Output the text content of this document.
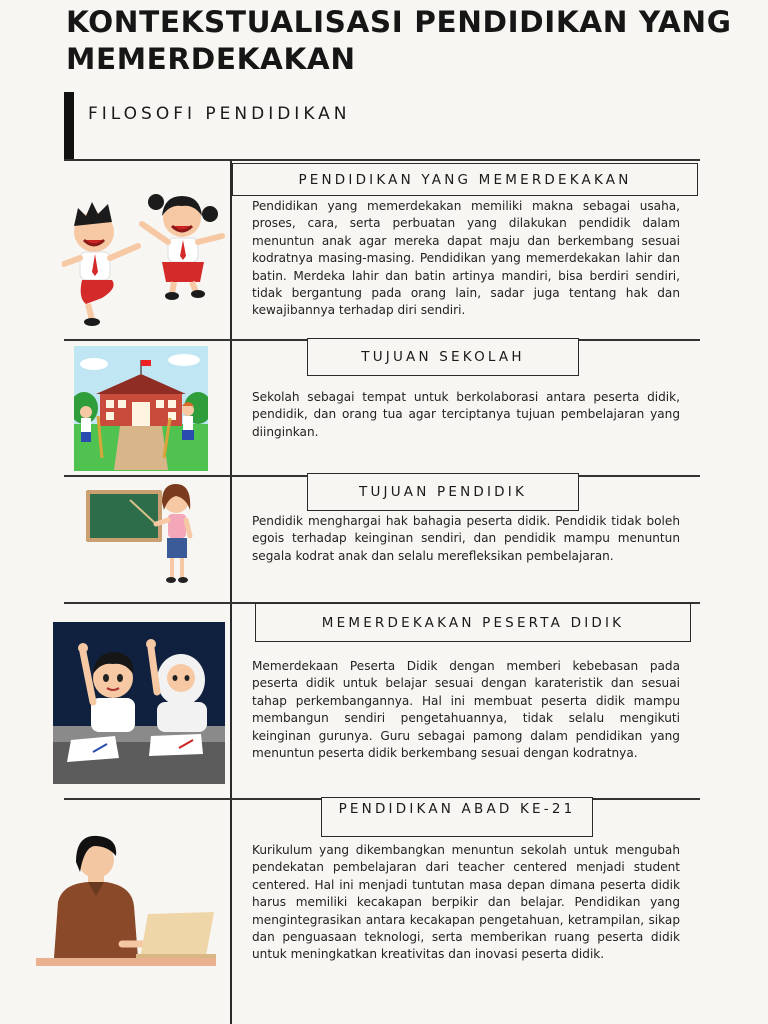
KONTEKSTUALISASI PENDIDIKAN YANG MEMERDEKAKAN
FILOSOFI PENDIDIKAN
PENDIDIKAN YANG MEMERDEKAKAN
Pendidikan yang memerdekakan memiliki makna sebagai usaha, proses, cara, serta perbuatan yang dilakukan pendidik dalam menuntun anak agar mereka dapat maju dan berkembang sesuai kodratnya masing-masing. Pendidikan yang memerdekakan lahir dan batin. Merdeka lahir dan batin artinya mandiri, bisa berdiri sendiri, tidak bergantung pada orang lain, sadar juga tentang hak dan kewajibannya terhadap diri sendiri.
TUJUAN SEKOLAH
Sekolah sebagai tempat untuk berkolaborasi antara peserta didik, pendidik, dan orang tua agar terciptanya tujuan pembelajaran yang diinginkan.
TUJUAN PENDIDIK
Pendidik menghargai hak bahagia peserta didik. Pendidik tidak boleh egois terhadap keinginan sendiri, dan pendidik mampu menuntun segala kodrat anak dan selalu merefleksikan pembelajaran.
MEMERDEKAKAN PESERTA DIDIK
Memerdekaan Peserta Didik dengan memberi kebebasan pada peserta didik untuk belajar sesuai dengan karateristik dan sesuai tahap perkembangannya. Hal ini membuat peserta didik mampu membangun sendiri pengetahuannya, tidak selalu mengikuti keinginan gurunya. Guru sebagai pamong dalam pendidikan yang menuntun peserta didik berkembang sesuai dengan kodratnya.
PENDIDIKAN ABAD KE-21
Kurikulum yang dikembangkan menuntun sekolah untuk mengubah pendekatan pembelajaran dari teacher centered menjadi student centered. Hal ini menjadi tuntutan masa depan dimana peserta didik harus memiliki kecakapan berpikir dan belajar. Pendidikan yang mengintegrasikan antara kecakapan pengetahuan, ketrampilan, sikap dan penguasaan teknologi, serta memberikan ruang peserta didik untuk meningkatkan kreativitas dan inovasi peserta didik.
